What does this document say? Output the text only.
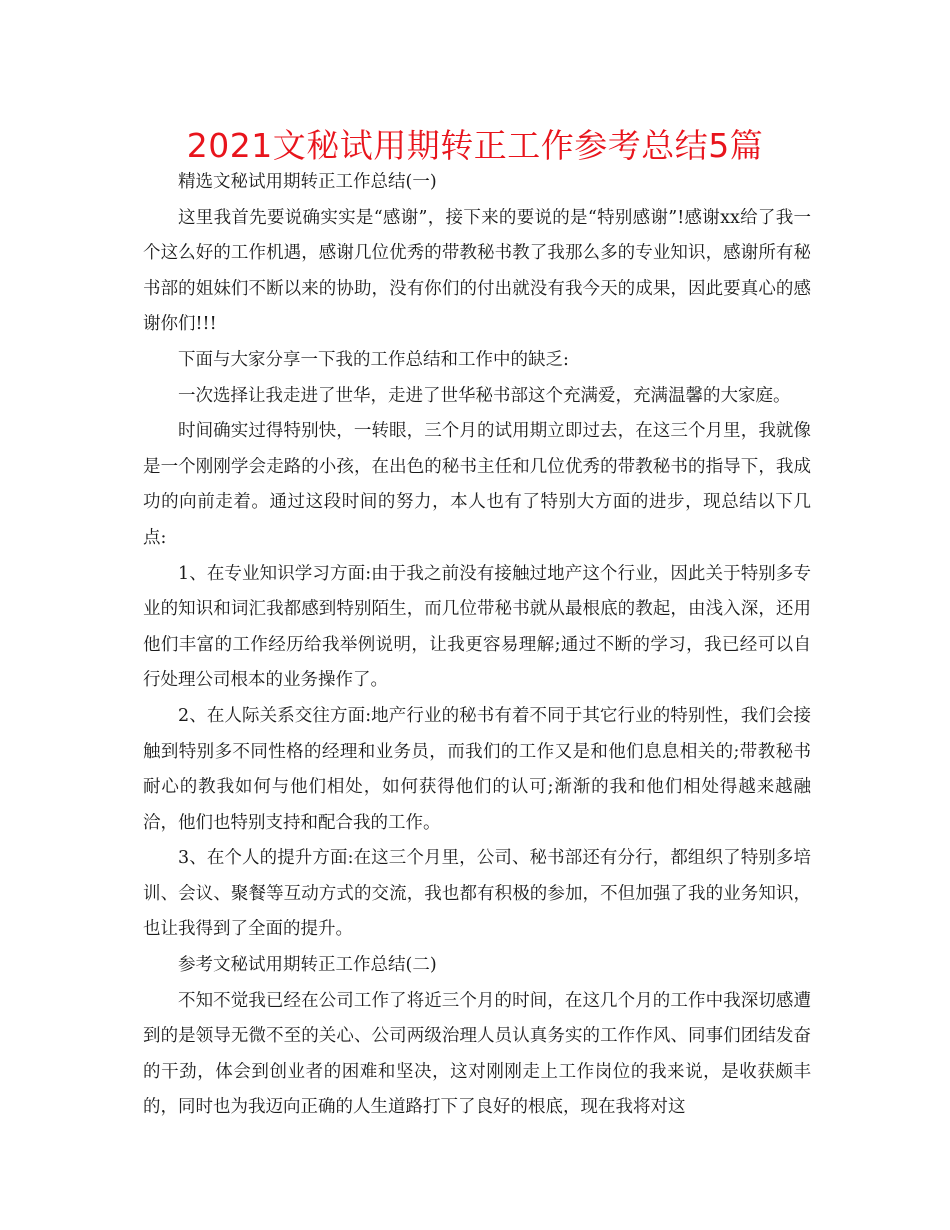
2021文秘试用期转正工作参考总结5篇

精选文秘试用期转正工作总结(一)

这里我首先要说确实实是“感谢”，接下来的要说的是“特别感谢”!感谢xx给了我一个这么好的工作机遇，感谢几位优秀的带教秘书教了我那么多的专业知识，感谢所有秘书部的姐妹们不断以来的协助，没有你们的付出就没有我今天的成果，因此要真心的感谢你们!!!

下面与大家分享一下我的工作总结和工作中的缺乏:

一次选择让我走进了世华，走进了世华秘书部这个充满爱，充满温馨的大家庭。

时间确实过得特别快，一转眼，三个月的试用期立即过去，在这三个月里，我就像是一个刚刚学会走路的小孩，在出色的秘书主任和几位优秀的带教秘书的指导下，我成功的向前走着。通过这段时间的努力，本人也有了特别大方面的进步，现总结以下几点:

1、在专业知识学习方面:由于我之前没有接触过地产这个行业，因此关于特别多专业的知识和词汇我都感到特别陌生，而几位带秘书就从最根底的教起，由浅入深，还用他们丰富的工作经历给我举例说明，让我更容易理解;通过不断的学习，我已经可以自行处理公司根本的业务操作了。

2、在人际关系交往方面:地产行业的秘书有着不同于其它行业的特别性，我们会接触到特别多不同性格的经理和业务员，而我们的工作又是和他们息息相关的;带教秘书耐心的教我如何与他们相处，如何获得他们的认可;渐渐的我和他们相处得越来越融洽，他们也特别支持和配合我的工作。

3、在个人的提升方面:在这三个月里，公司、秘书部还有分行，都组织了特别多培训、会议、聚餐等互动方式的交流，我也都有积极的参加，不但加强了我的业务知识，也让我得到了全面的提升。

参考文秘试用期转正工作总结(二)

不知不觉我已经在公司工作了将近三个月的时间，在这几个月的工作中我深切感遭到的是领导无微不至的关心、公司两级治理人员认真务实的工作作风、同事们团结发奋的干劲，体会到创业者的困难和坚决，这对刚刚走上工作岗位的我来说，是收获颇丰的，同时也为我迈向正确的人生道路打下了良好的根底，现在我将对这
